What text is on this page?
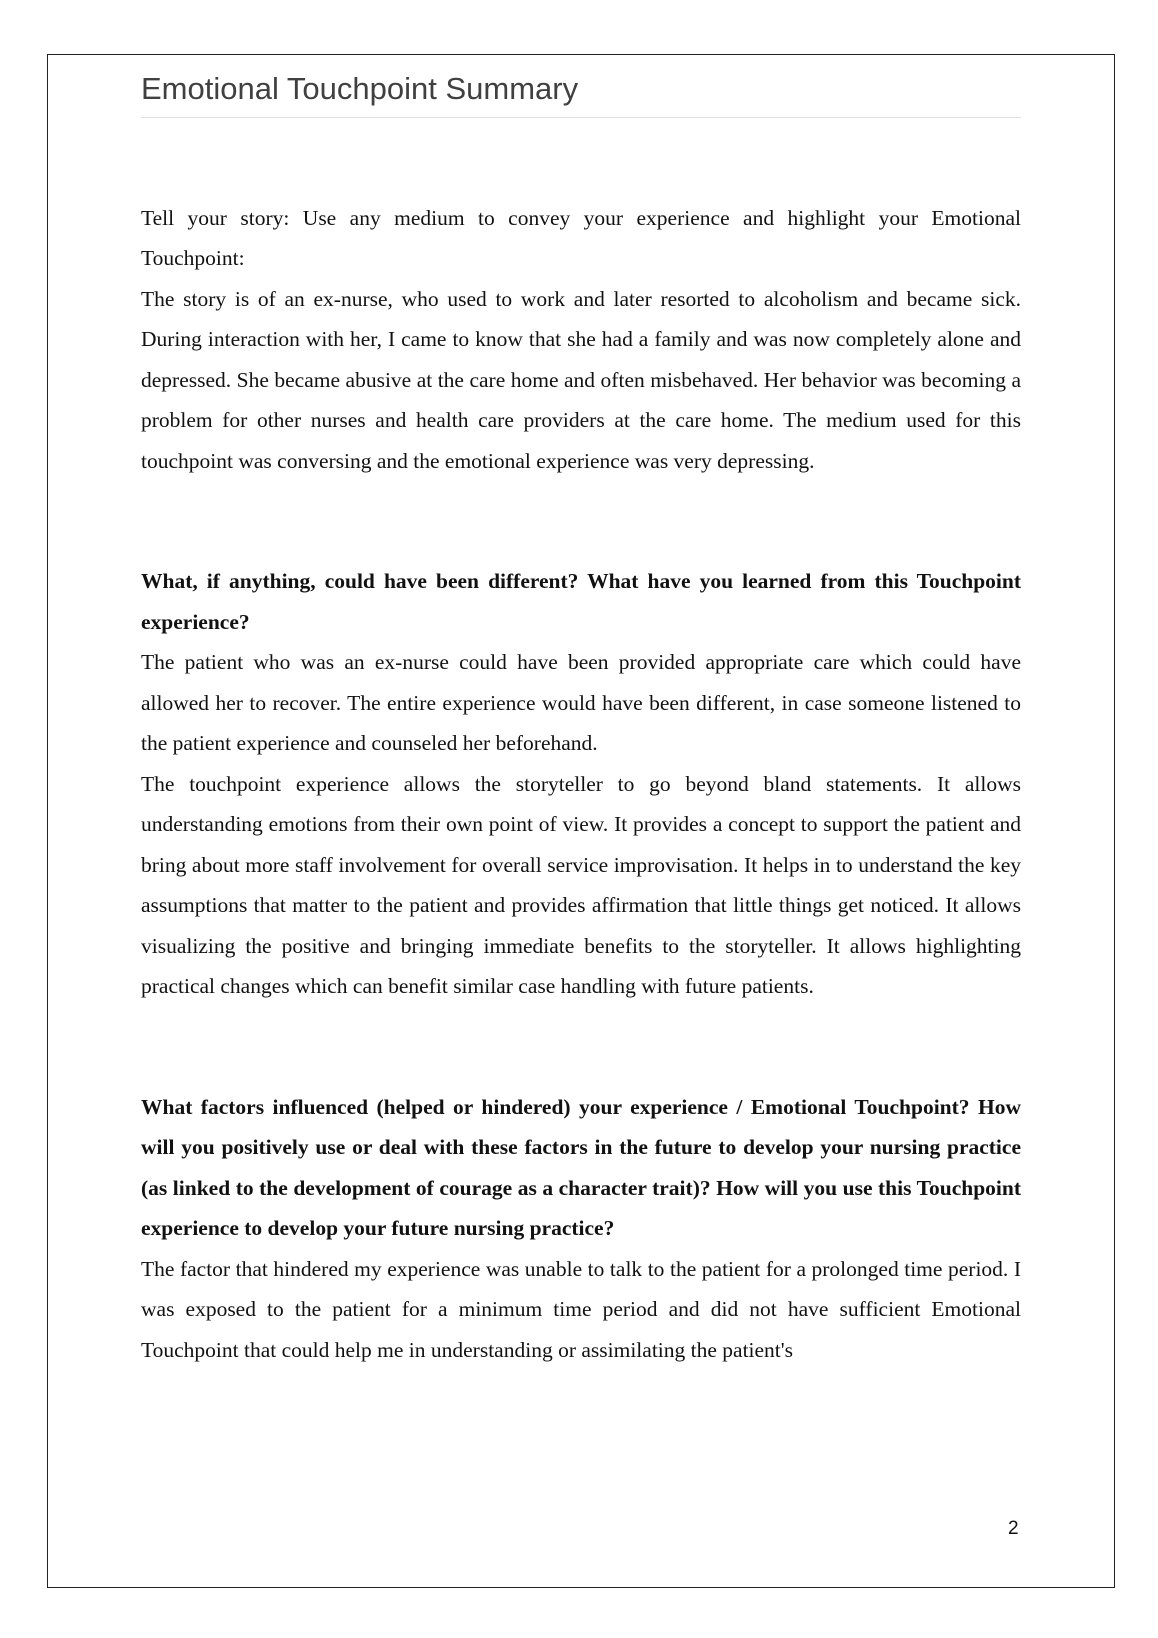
Emotional Touchpoint Summary

Tell your story: Use any medium to convey your experience and highlight your Emotional Touchpoint:

The story is of an ex-nurse, who used to work and later resorted to alcoholism and became sick. During interaction with her, I came to know that she had a family and was now completely alone and depressed. She became abusive at the care home and often misbehaved. Her behavior was becoming a problem for other nurses and health care providers at the care home. The medium used for this touchpoint was conversing and the emotional experience was very depressing.

What, if anything, could have been different? What have you learned from this Touchpoint experience?

The patient who was an ex-nurse could have been provided appropriate care which could have allowed her to recover. The entire experience would have been different, in case someone listened to the patient experience and counseled her beforehand.

The touchpoint experience allows the storyteller to go beyond bland statements. It allows understanding emotions from their own point of view. It provides a concept to support the patient and bring about more staff involvement for overall service improvisation. It helps in to understand the key assumptions that matter to the patient and provides affirmation that little things get noticed. It allows visualizing the positive and bringing immediate benefits to the storyteller. It allows highlighting practical changes which can benefit similar case handling with future patients.

What factors influenced (helped or hindered) your experience / Emotional Touchpoint? How will you positively use or deal with these factors in the future to develop your nursing practice (as linked to the development of courage as a character trait)? How will you use this Touchpoint experience to develop your future nursing practice?

The factor that hindered my experience was unable to talk to the patient for a prolonged time period. I was exposed to the patient for a minimum time period and did not have sufficient Emotional Touchpoint that could help me in understanding or assimilating the patient's

2
